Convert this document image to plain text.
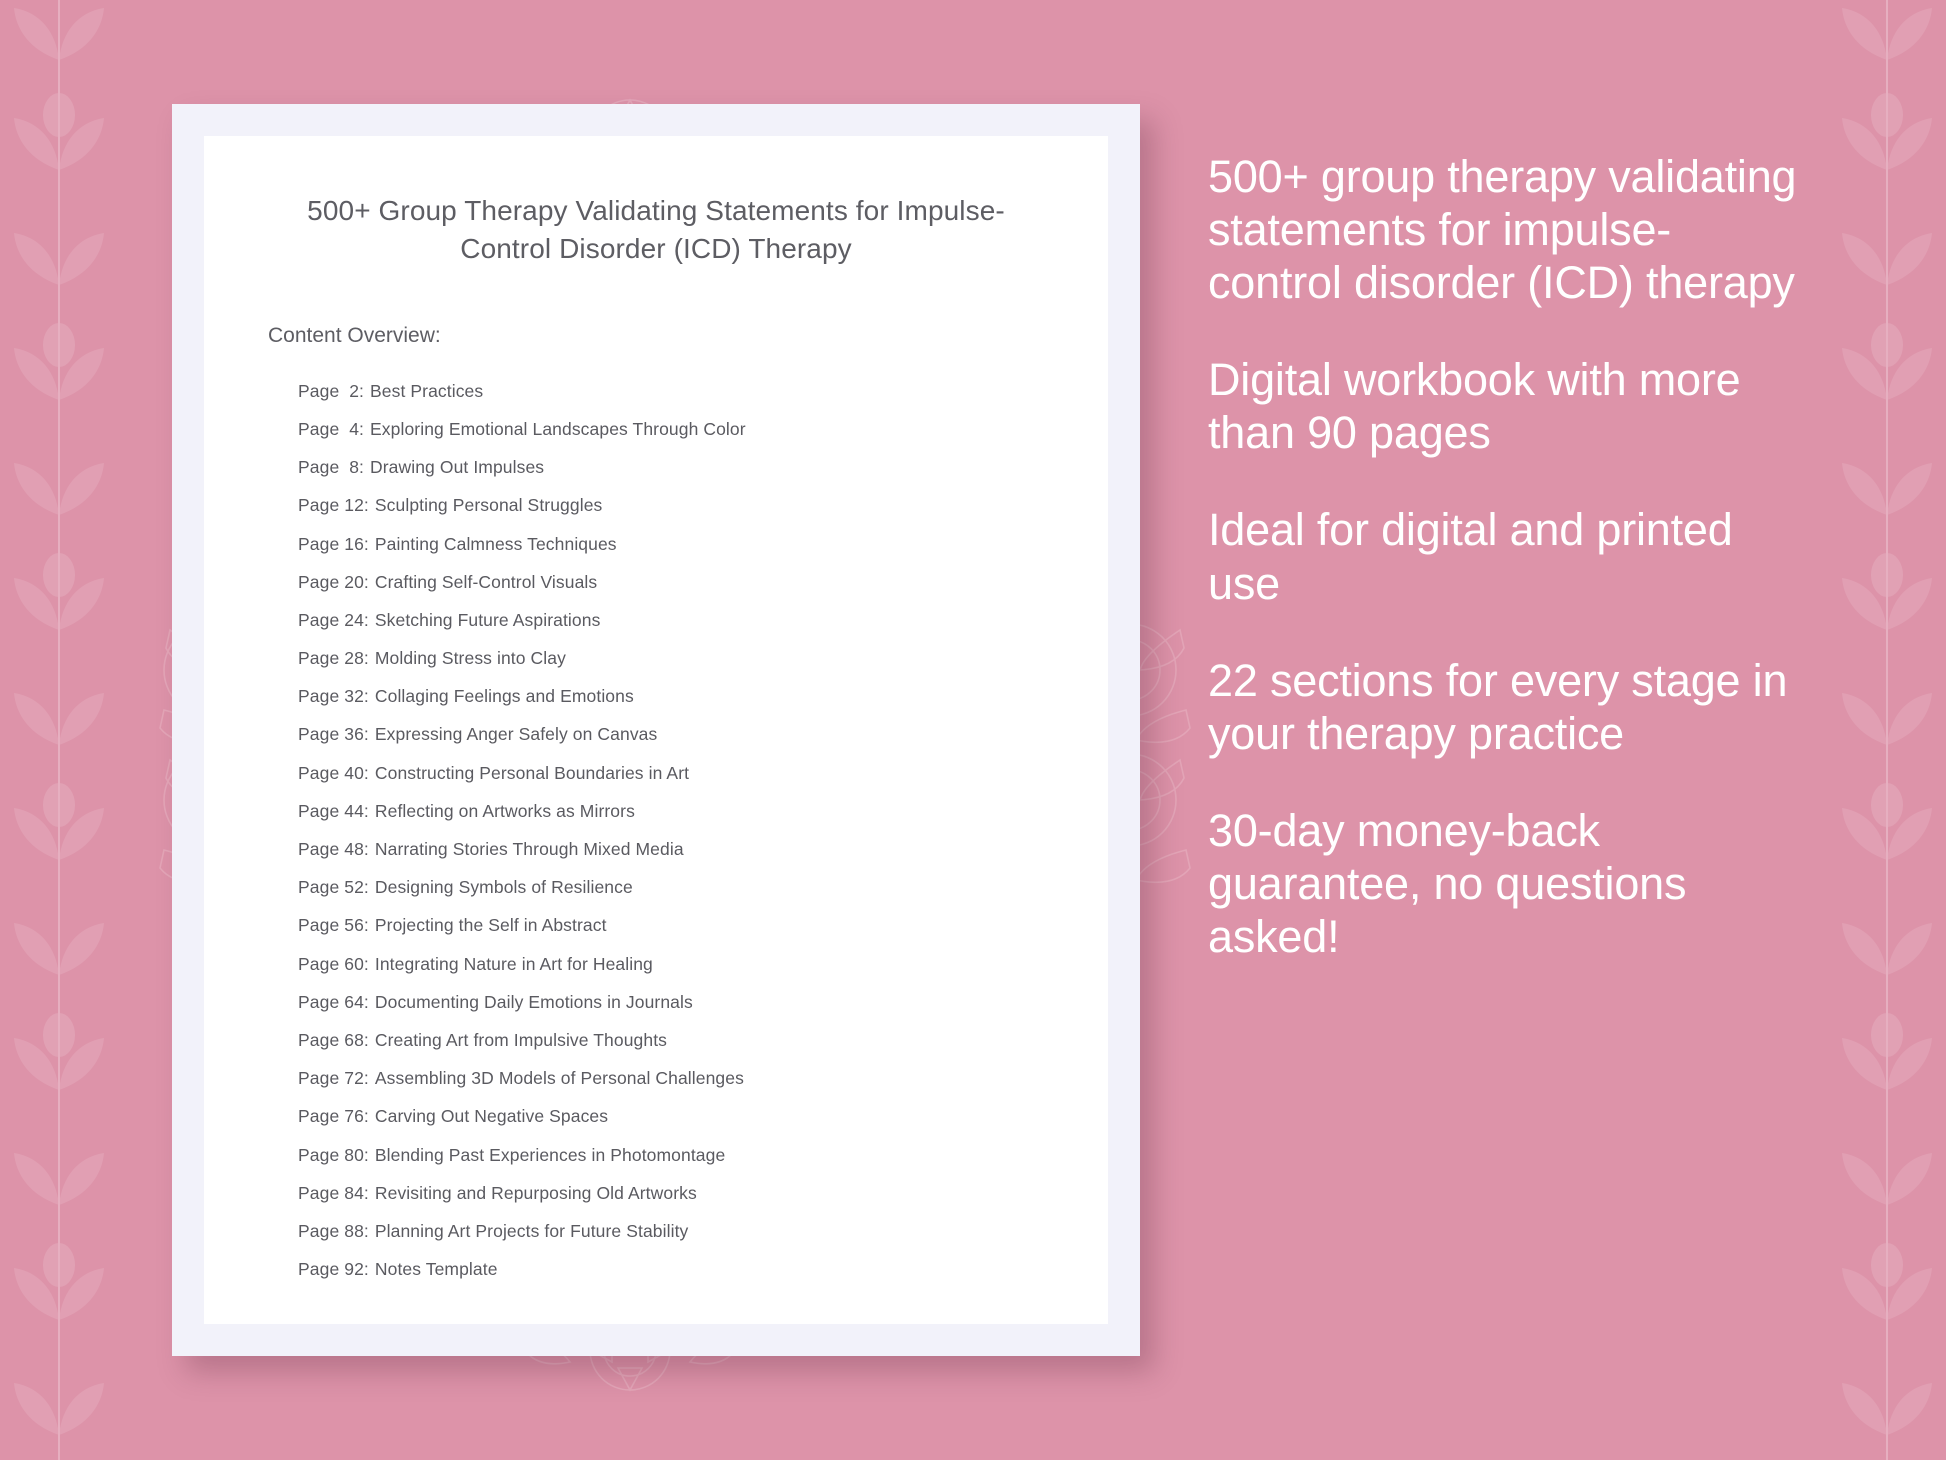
500+ Group Therapy Validating Statements for Impulse-Control Disorder (ICD) Therapy
Content Overview:
Page  2: Best Practices
Page  4: Exploring Emotional Landscapes Through Color
Page  8: Drawing Out Impulses
Page 12: Sculpting Personal Struggles
Page 16: Painting Calmness Techniques
Page 20: Crafting Self-Control Visuals
Page 24: Sketching Future Aspirations
Page 28: Molding Stress into Clay
Page 32: Collaging Feelings and Emotions
Page 36: Expressing Anger Safely on Canvas
Page 40: Constructing Personal Boundaries in Art
Page 44: Reflecting on Artworks as Mirrors
Page 48: Narrating Stories Through Mixed Media
Page 52: Designing Symbols of Resilience
Page 56: Projecting the Self in Abstract
Page 60: Integrating Nature in Art for Healing
Page 64: Documenting Daily Emotions in Journals
Page 68: Creating Art from Impulsive Thoughts
Page 72: Assembling 3D Models of Personal Challenges
Page 76: Carving Out Negative Spaces
Page 80: Blending Past Experiences in Photomontage
Page 84: Revisiting and Repurposing Old Artworks
Page 88: Planning Art Projects for Future Stability
Page 92: Notes Template

500+ group therapy validating statements for impulse-control disorder (ICD) therapy

Digital workbook with more than 90 pages

Ideal for digital and printed use

22 sections for every stage in your therapy practice

30-day money-back guarantee, no questions asked!
